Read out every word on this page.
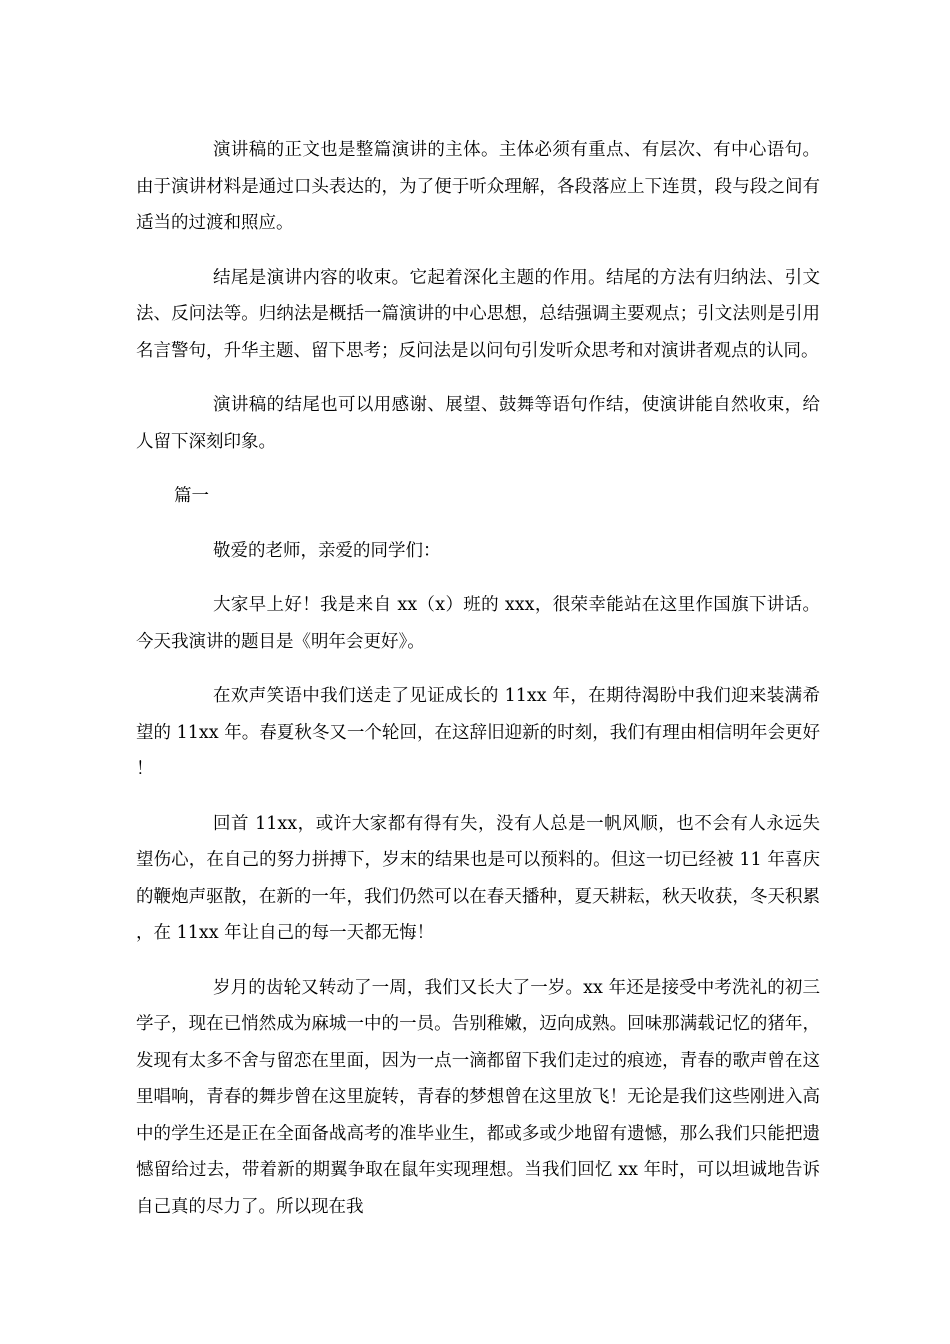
演讲稿的正文也是整篇演讲的主体。主体必须有重点、有层次、有中心语句。由于演讲材料是通过口头表达的，为了便于听众理解，各段落应上下连贯，段与段之间有适当的过渡和照应。

结尾是演讲内容的收束。它起着深化主题的作用。结尾的方法有归纳法、引文法、反问法等。归纳法是概括一篇演讲的中心思想，总结强调主要观点；引文法则是引用名言警句，升华主题、留下思考；反问法是以问句引发听众思考和对演讲者观点的认同。

演讲稿的结尾也可以用感谢、展望、鼓舞等语句作结，使演讲能自然收束，给人留下深刻印象。

篇一

敬爱的老师，亲爱的同学们：

大家早上好！我是来自 xx（x）班的 xxx，很荣幸能站在这里作国旗下讲话。今天我演讲的题目是《明年会更好》。

在欢声笑语中我们送走了见证成长的 11xx 年，在期待渴盼中我们迎来装满希望的 11xx 年。春夏秋冬又一个轮回，在这辞旧迎新的时刻，我们有理由相信明年会更好！

回首 11xx，或许大家都有得有失，没有人总是一帆风顺，也不会有人永远失望伤心，在自己的努力拼搏下，岁末的结果也是可以预料的。但这一切已经被 11 年喜庆的鞭炮声驱散，在新的一年，我们仍然可以在春天播种，夏天耕耘，秋天收获，冬天积累，在 11xx 年让自己的每一天都无悔！

岁月的齿轮又转动了一周，我们又长大了一岁。xx 年还是接受中考洗礼的初三学子，现在已悄然成为麻城一中的一员。告别稚嫩，迈向成熟。回味那满载记忆的猪年，发现有太多不舍与留恋在里面，因为一点一滴都留下我们走过的痕迹，青春的歌声曾在这里唱响，青春的舞步曾在这里旋转，青春的梦想曾在这里放飞！无论是我们这些刚进入高中的学生还是正在全面备战高考的准毕业生，都或多或少地留有遗憾，那么我们只能把遗憾留给过去，带着新的期翼争取在鼠年实现理想。当我们回忆 xx 年时，可以坦诚地告诉自己真的尽力了。所以现在我
